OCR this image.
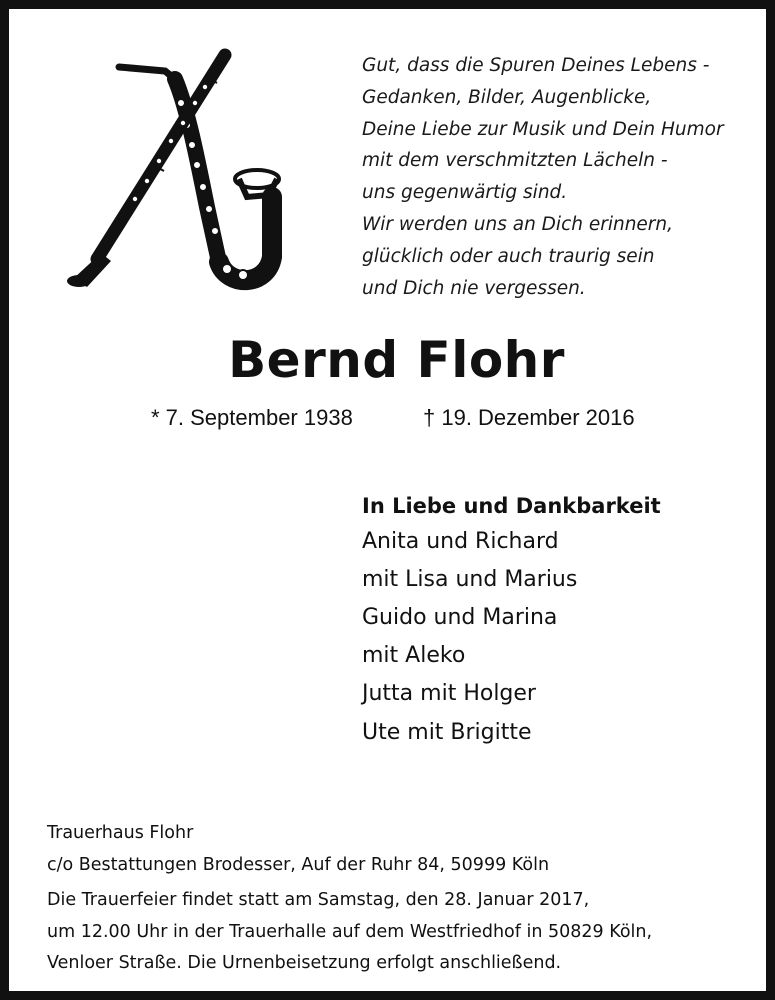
Gut, dass die Spuren Deines Lebens -
Gedanken, Bilder, Augenblicke,
Deine Liebe zur Musik und Dein Humor
mit dem verschmitzten Lächeln -
uns gegenwärtig sind.
Wir werden uns an Dich erinnern,
glücklich oder auch traurig sein
und Dich nie vergessen.
Bernd Flohr
* 7. September 1938	† 19. Dezember 2016
In Liebe und Dankbarkeit
Anita und Richard
mit Lisa und Marius
Guido und Marina
mit Aleko
Jutta mit Holger
Ute mit Brigitte
Trauerhaus Flohr
c/o Bestattungen Brodesser, Auf der Ruhr 84, 50999 Köln
Die Trauerfeier findet statt am Samstag, den 28. Januar 2017,
um 12.00 Uhr in der Trauerhalle auf dem Westfriedhof in 50829 Köln,
Venloer Straße. Die Urnenbeisetzung erfolgt anschließend.
